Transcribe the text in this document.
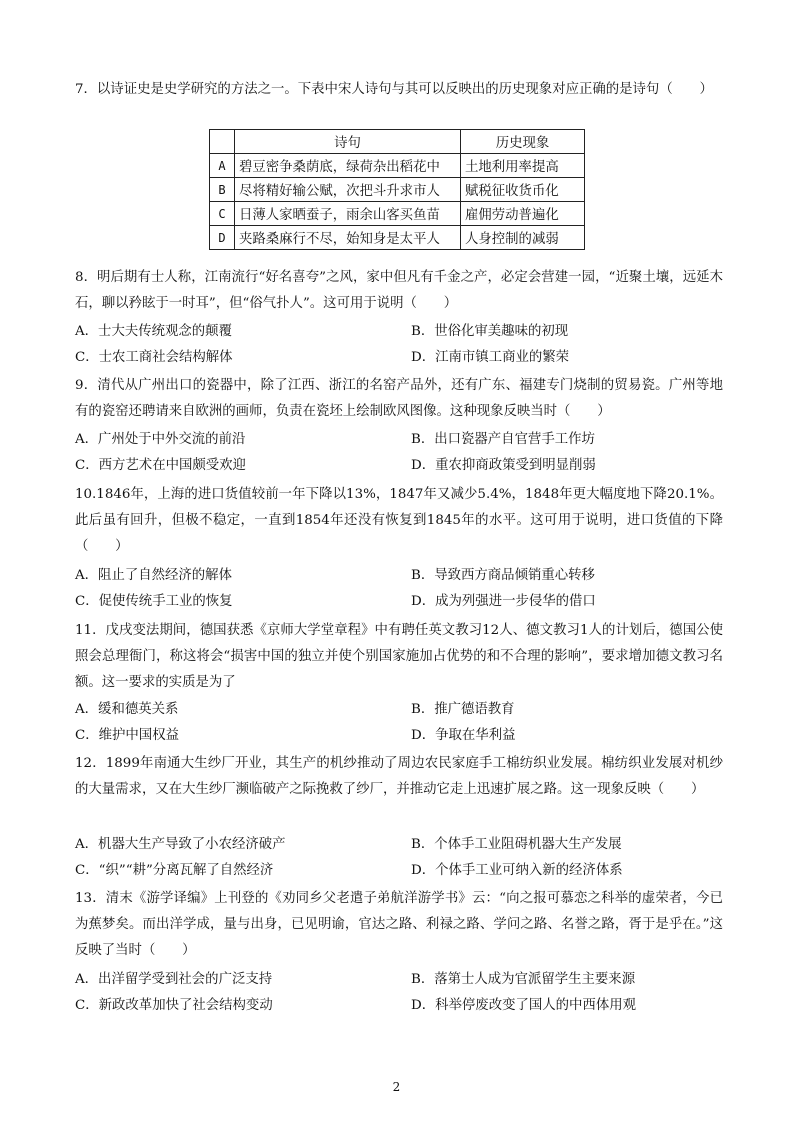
7．以诗证史是史学研究的方法之一。下表中宋人诗句与其可以反映出的历史现象对应正确的是诗句（　　）
	诗句	历史现象
A	碧豆密争桑荫底，绿荷杂出稻花中	土地利用率提高
B	尽将精好输公赋，次把斗升求市人	赋税征收货币化
C	日薄人家晒蚕子，雨余山客买鱼苗	雇佣劳动普遍化
D	夹路桑麻行不尽，始知身是太平人	人身控制的减弱
8．明后期有士人称，江南流行“好名喜夸”之风，家中但凡有千金之产，必定会营建一园，“近聚土壤，远延木石，聊以矜眩于一时耳”，但“俗气扑人”。这可用于说明（　　）
A．士大夫传统观念的颠覆	B．世俗化审美趣味的初现
C．士农工商社会结构解体	D．江南市镇工商业的繁荣
9．清代从广州出口的瓷器中，除了江西、浙江的名窑产品外，还有广东、福建专门烧制的贸易瓷。广州等地有的瓷窑还聘请来自欧洲的画师，负责在瓷坯上绘制欧风图像。这种现象反映当时（　　）
A．广州处于中外交流的前沿	B．出口瓷器产自官营手工作坊
C．西方艺术在中国颇受欢迎	D．重农抑商政策受到明显削弱
10.1846年，上海的进口货值较前一年下降以13%，1847年又减少5.4%，1848年更大幅度地下降20.1%。此后虽有回升，但极不稳定，一直到1854年还没有恢复到1845年的水平。这可用于说明，进口货值的下降（　　）
A．阻止了自然经济的解体	B．导致西方商品倾销重心转移
C．促使传统手工业的恢复	D．成为列强进一步侵华的借口
11．戊戌变法期间，德国获悉《京师大学堂章程》中有聘任英文教习12人、德文教习1人的计划后，德国公使照会总理衙门，称这将会“损害中国的独立并使个别国家施加占优势的和不合理的影响”，要求增加德文教习名额。这一要求的实质是为了
A．缓和德英关系	B．推广德语教育
C．维护中国权益	D．争取在华利益
12．1899年南通大生纱厂开业，其生产的机纱推动了周边农民家庭手工棉纺织业发展。棉纺织业发展对机纱的大量需求，又在大生纱厂濒临破产之际挽救了纱厂，并推动它走上迅速扩展之路。这一现象反映（　　）
A．机器大生产导致了小农经济破产	B．个体手工业阻碍机器大生产发展
C．“织”“耕”分离瓦解了自然经济	D．个体手工业可纳入新的经济体系
13．清末《游学译编》上刊登的《劝同乡父老遣子弟航洋游学书》云：“向之报可慕恋之科举的虚荣者，今已为蕉梦矣。而出洋学成，量与出身，已见明谕，官达之路、利禄之路、学问之路、名誉之路，胥于是乎在。”这反映了当时（　　）
A．出洋留学受到社会的广泛支持	B．落第士人成为官派留学生主要来源
C．新政改革加快了社会结构变动	D．科举停废改变了国人的中西体用观
2
